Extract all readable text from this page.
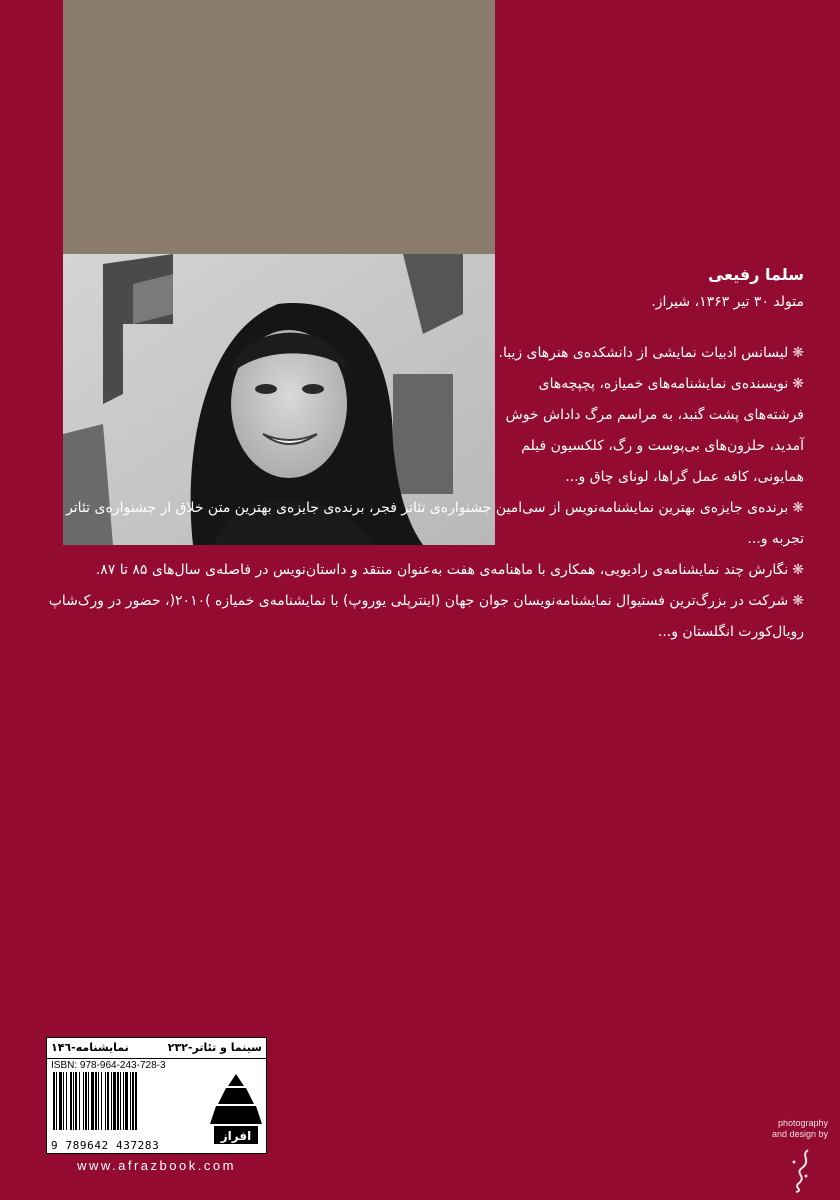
سلما رفیعی
متولد ۳۰ تیر ۱۳۶۳، شیراز.

❋لیسانس ادبیات نمایشی از دانشکده‌ی هنرهای زیبا.

❋نویسنده‌ی نمایشنامه‌های خمیازه، پچپچه‌های فرشته‌های پشت گنبد، به مراسم مرگ داداش خوش آمدید، حلزون‌های بی‌پوست و رگ، کلکسیون فیلم همایونی، کافه عمل گراها، لونای چاق و...

❋برنده‌ی جایزه‌ی بهترین نمایشنامه‌نویس از سی‌امین جشنواره‌ی تئاتر فجر، برنده‌ی جایزه‌ی بهترین متن خلاق از جشنواره‌ی تئاتر تجربه و...

❋نگارش چند نمایشنامه‌ی رادیویی، همکاری با ماهنامه‌ی هفت به‌عنوان منتقد و داستان‌نویس در فاصله‌ی سال‌های ۸۵ تا ۸۷.

❋شرکت در بزرگ‌ترین فستیوال نمایشنامه‌نویسان جوان جهان (اینترپلی یوروپ) با نمایشنامه‌ی خمیازه )۲۰۱۰(، حضور در ورک‌شاپ رویال‌کورت انگلستان و...

سینما و تئاتر-۲۳۲
نمایشنامه-۱۴٦
ISBN: 978-964-243-728-3
9 789642 437283
افراز
www.afrazbook.com
photography
and design by
